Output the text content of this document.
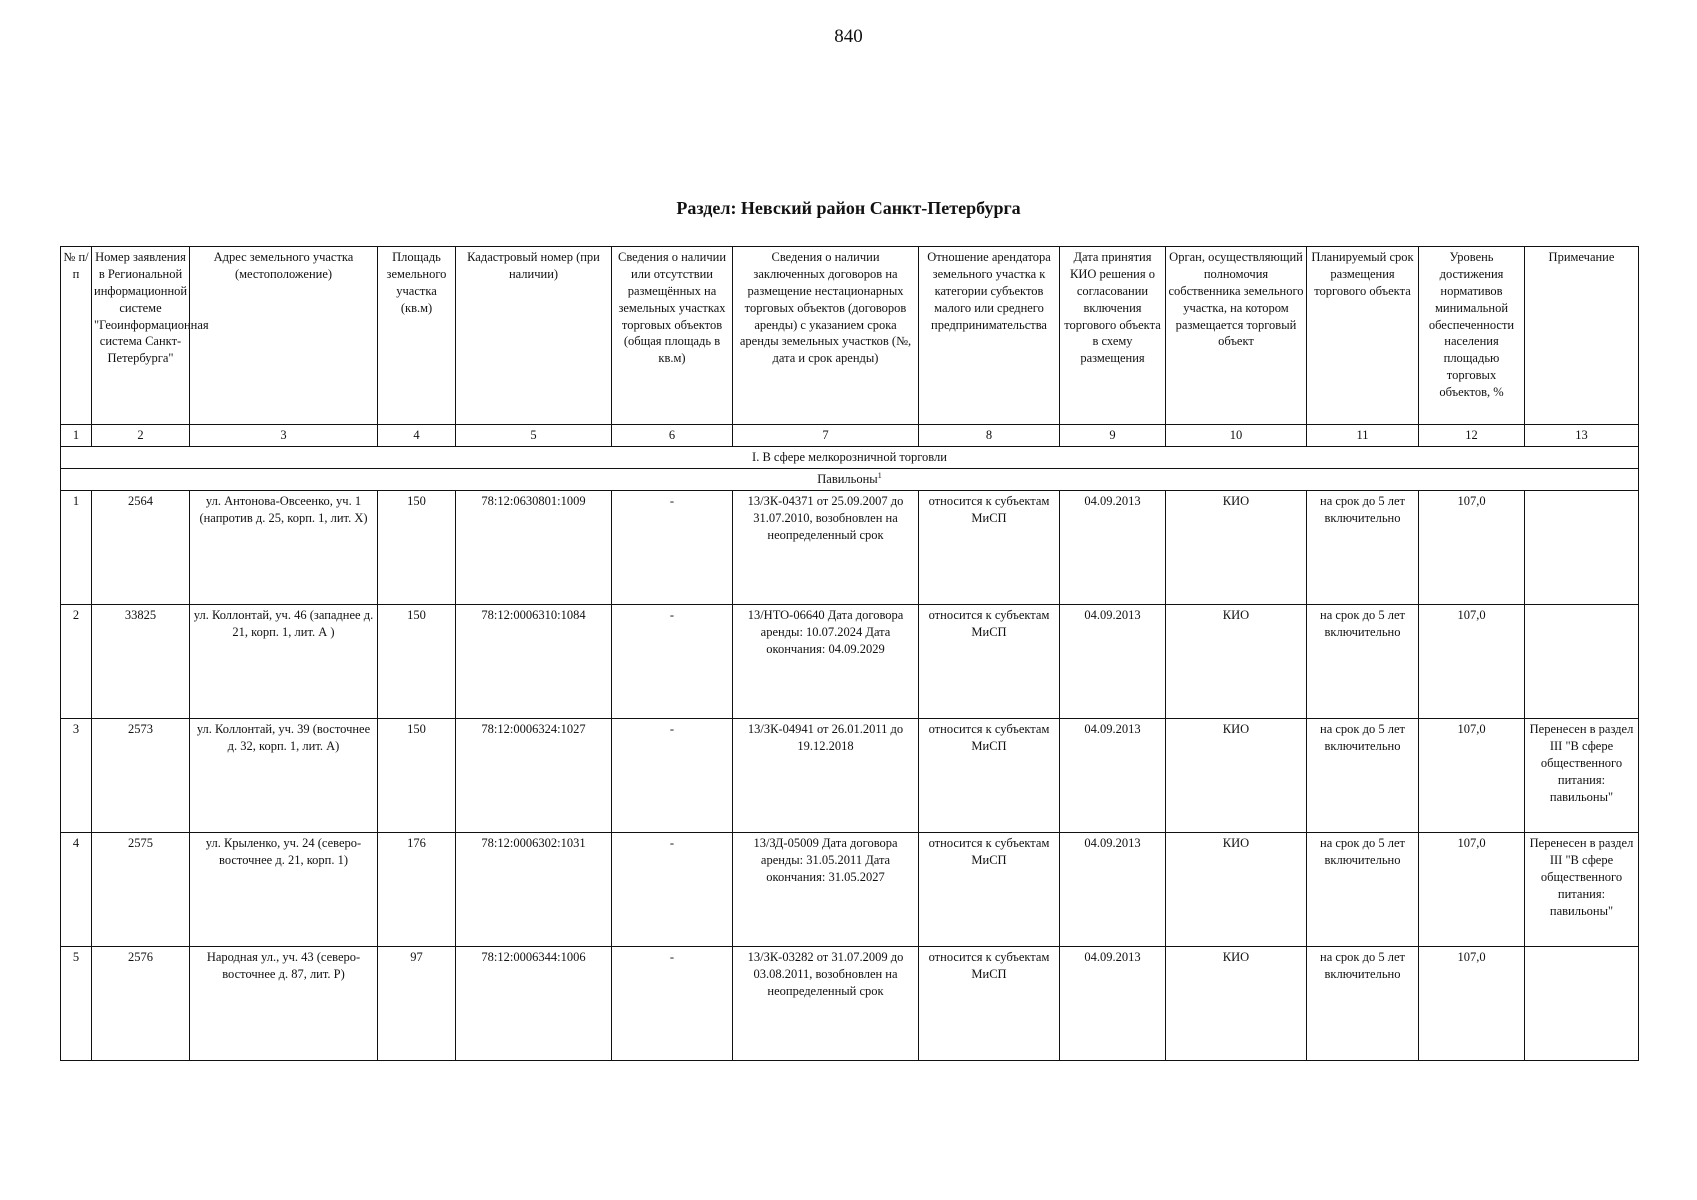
840
Раздел: Невский район Санкт-Петербурга
№ п/п	Номер заявления в Региональной информационной системе "Геоинформационная система Санкт-Петербурга"	Адрес земельного участка (местоположение)	Площадь земельного участка (кв.м)	Кадастровый номер (при наличии)	Сведения о наличии или отсутствии размещённых на земельных участках торговых объектов (общая площадь в кв.м)	Сведения о наличии заключенных договоров на размещение нестационарных торговых объектов (договоров аренды) с указанием срока аренды земельных участков (№, дата и срок аренды)	Отношение арендатора земельного участка к категории субъектов малого или среднего предпринимательства	Дата принятия КИО решения о согласовании включения торгового объекта в схему размещения	Орган, осуществляющий полномочия собственника земельного участка, на котором размещается торговый объект	Планируемый срок размещения торгового объекта	Уровень достижения нормативов минимальной обеспеченности населения площадью торговых объектов, %	Примечание
1	2	3	4	5	6	7	8	9	10	11	12	13
I. В сфере мелкорозничной торговли												
Павильоны$^1$
1	2564	ул. Антонова-Овсеенко, уч. 1 (напротив д. 25, корп. 1, лит. Х)	150	78:12:0630801:1009	-	13/ЗК-04371 от 25.09.2007 до 31.07.2010, возобновлен на неопределенный срок	относится к субъектам МиСП	04.09.2013	КИО	на срок до 5 лет включительно	107,0	
2	33825	ул. Коллонтай, уч. 46 (западнее д. 21, корп. 1, лит. А )	150	78:12:0006310:1084	-	13/НТО-06640 Дата договора аренды: 10.07.2024 Дата окончания: 04.09.2029	относится к субъектам МиСП	04.09.2013	КИО	на срок до 5 лет включительно	107,0	
3	2573	ул. Коллонтай, уч. 39 (восточнее д. 32, корп. 1, лит. А)	150	78:12:0006324:1027	-	13/ЗК-04941 от 26.01.2011 до 19.12.2018	относится к субъектам МиСП	04.09.2013	КИО	на срок до 5 лет включительно	107,0	Перенесен в раздел III "В сфере общественного питания: павильоны"
4	2575	ул. Крыленко, уч. 24 (северо-восточнее д. 21, корп. 1)	176	78:12:0006302:1031	-	13/ЗД-05009 Дата договора аренды: 31.05.2011 Дата окончания: 31.05.2027	относится к субъектам МиСП	04.09.2013	КИО	на срок до 5 лет включительно	107,0	Перенесен в раздел III "В сфере общественного питания: павильоны"
5	2576	Народная ул., уч. 43 (северо-восточнее д. 87, лит. Р)	97	78:12:0006344:1006	-	13/ЗК-03282 от 31.07.2009 до 03.08.2011, возобновлен на неопределенный срок	относится к субъектам МиСП	04.09.2013	КИО	на срок до 5 лет включительно	107,0	
